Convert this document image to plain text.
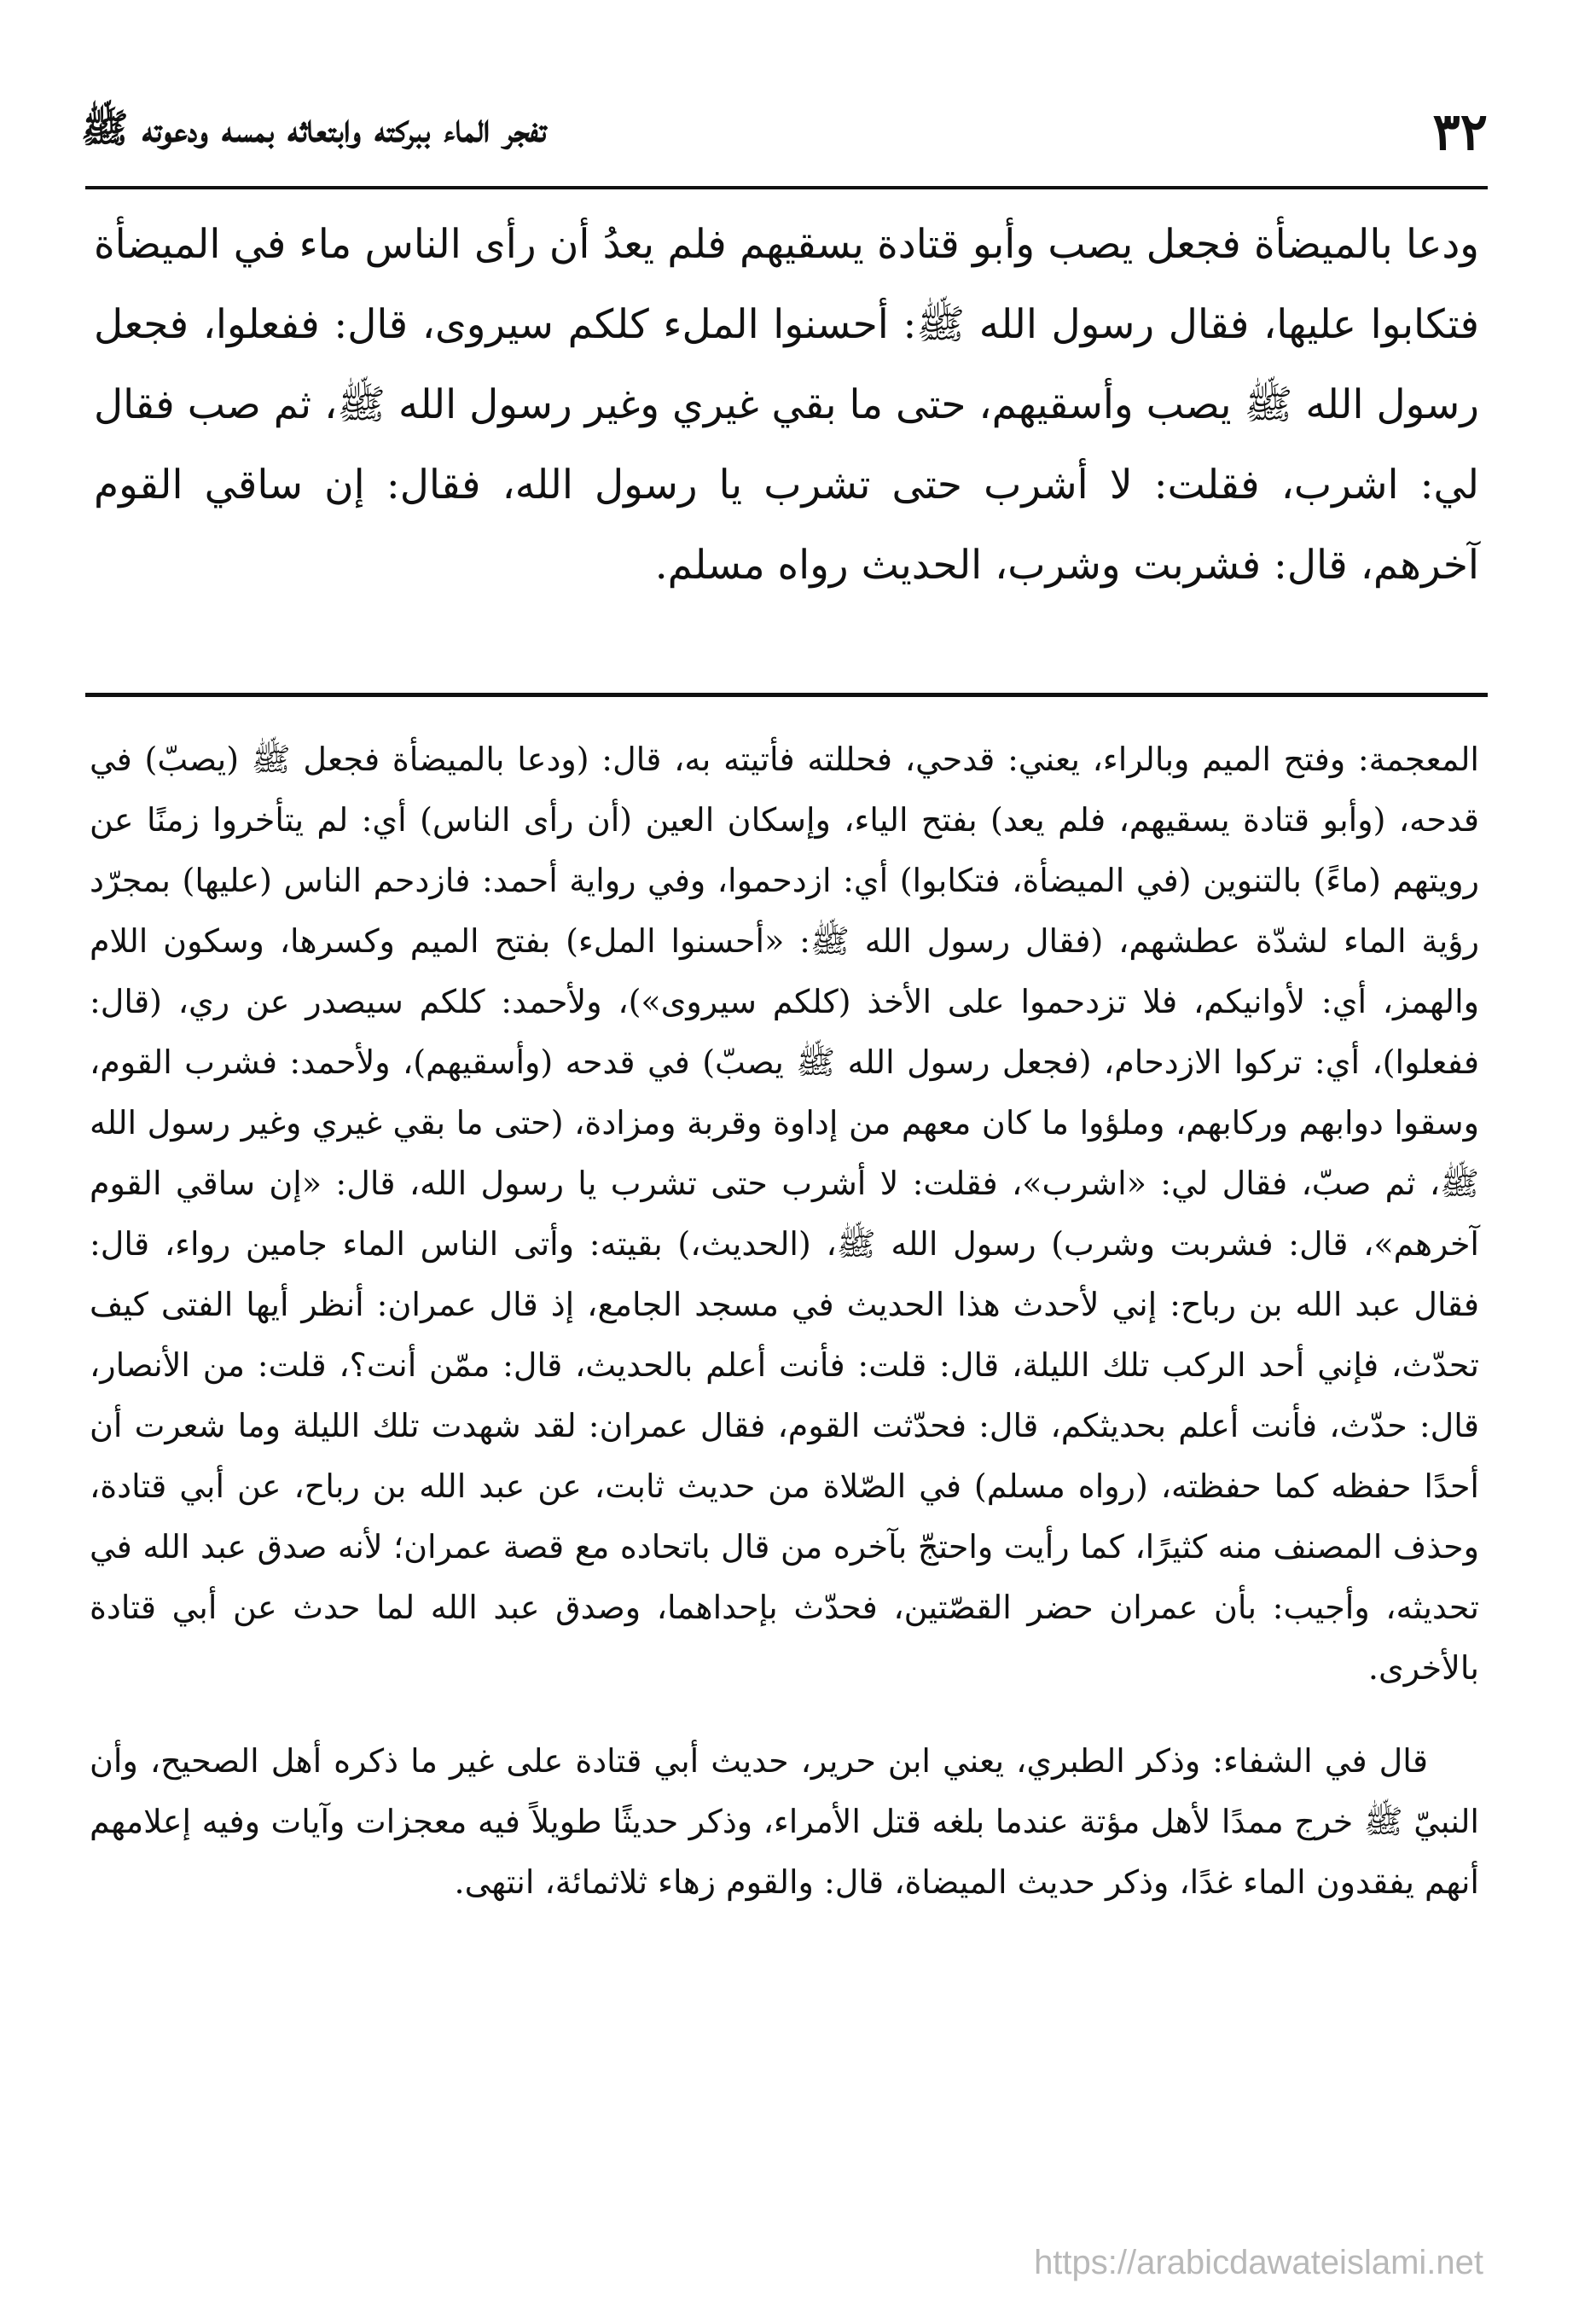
٣٢
تفجر الماء ببركته وابتعاثه بمسه ودعوته ﷺ
ودعا بالميضأة فجعل يصب وأبو قتادة يسقيهم فلم يعدُ أن رأى الناس ماء في الميضأة فتكابوا عليها، فقال رسول الله ﷺ: أحسنوا الملء كلكم سيروى، قال: ففعلوا، فجعل رسول الله ﷺ يصب وأسقيهم، حتى ما بقي غيري وغير رسول الله ﷺ، ثم صب فقال لي: اشرب، فقلت: لا أشرب حتى تشرب يا رسول الله، فقال: إن ساقي القوم آخرهم، قال: فشربت وشرب، الحديث رواه مسلم.

المعجمة: وفتح الميم وبالراء، يعني: قدحي، فحللته فأتيته به، قال: (ودعا بالميضأة فجعل ﷺ (يصبّ) في قدحه، (وأبو قتادة يسقيهم، فلم يعد) بفتح الياء، وإسكان العين (أن رأى الناس) أي: لم يتأخروا زمنًا عن رويتهم (ماءً) بالتنوين (في الميضأة، فتكابوا) أي: ازدحموا، وفي رواية أحمد: فازدحم الناس (عليها) بمجرّد رؤية الماء لشدّة عطشهم، (فقال رسول الله ﷺ: «أحسنوا الملء) بفتح الميم وكسرها، وسكون اللام والهمز، أي: لأوانيكم، فلا تزدحموا على الأخذ (كلكم سيروى»)، ولأحمد: كلكم سيصدر عن ري، (قال: ففعلوا)، أي: تركوا الازدحام، (فجعل رسول الله ﷺ يصبّ) في قدحه (وأسقيهم)، ولأحمد: فشرب القوم، وسقوا دوابهم وركابهم، وملؤوا ما كان معهم من إداوة وقربة ومزادة، (حتى ما بقي غيري وغير رسول الله ﷺ، ثم صبّ، فقال لي: «اشرب»، فقلت: لا أشرب حتى تشرب يا رسول الله، قال: «إن ساقي القوم آخرهم»، قال: فشربت وشرب) رسول الله ﷺ، (الحديث،) بقيته: وأتى الناس الماء جامين رواء، قال: فقال عبد الله بن رباح: إني لأحدث هذا الحديث في مسجد الجامع، إذ قال عمران: أنظر أيها الفتى كيف تحدّث، فإني أحد الركب تلك الليلة، قال: قلت: فأنت أعلم بالحديث، قال: ممّن أنت؟، قلت: من الأنصار، قال: حدّث، فأنت أعلم بحديثكم، قال: فحدّثت القوم، فقال عمران: لقد شهدت تلك الليلة وما شعرت أن أحدًا حفظه كما حفظته، (رواه مسلم) في الصّلاة من حديث ثابت، عن عبد الله بن رباح، عن أبي قتادة، وحذف المصنف منه كثيرًا، كما رأيت واحتجّ بآخره من قال باتحاده مع قصة عمران؛ لأنه صدق عبد الله في تحديثه، وأجيب: بأن عمران حضر القصّتين، فحدّث بإحداهما، وصدق عبد الله لما حدث عن أبي قتادة بالأخرى.

قال في الشفاء: وذكر الطبري، يعني ابن حرير، حديث أبي قتادة على غير ما ذكره أهل الصحيح، وأن النبيّ ﷺ خرج ممدًا لأهل مؤتة عندما بلغه قتل الأمراء، وذكر حديثًا طويلاً فيه معجزات وآيات وفيه إعلامهم أنهم يفقدون الماء غدًا، وذكر حديث الميضاة، قال: والقوم زهاء ثلاثمائة، انتهى.

https://arabicdawateislami.net
